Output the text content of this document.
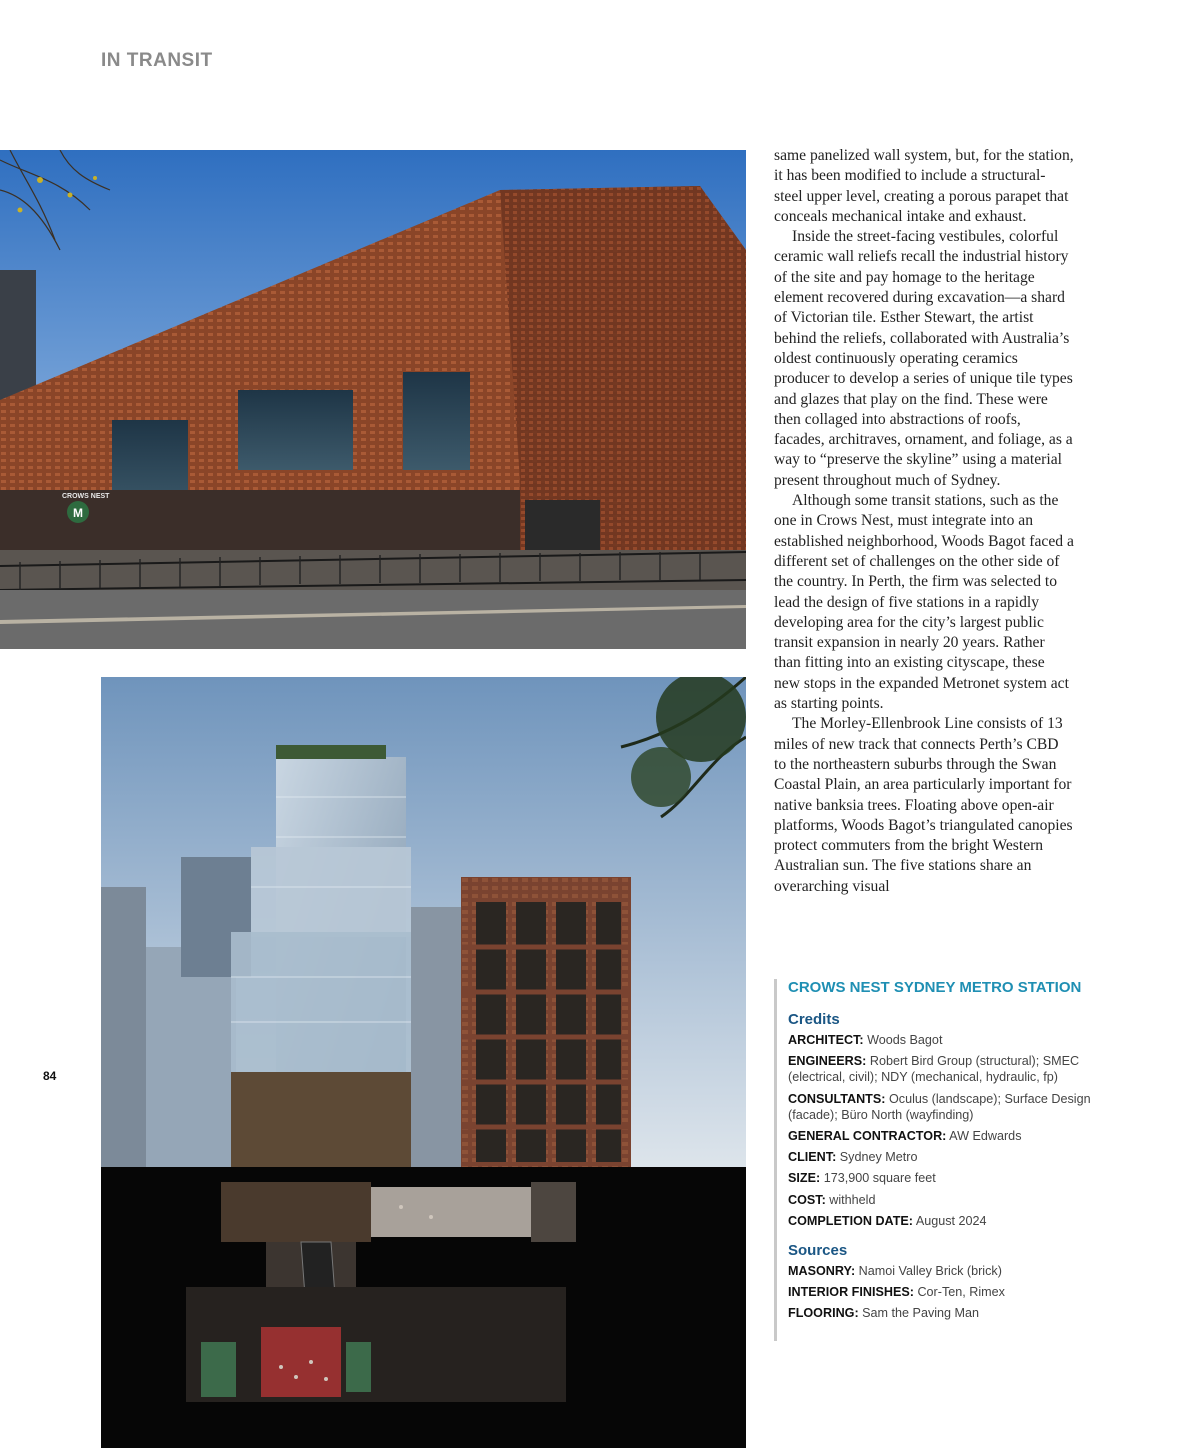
IN TRANSIT
M
CROWS NEST

same panelized wall system, but, for the station, it has been modified to include a structural-steel upper level, creating a porous parapet that conceals mechanical intake and exhaust.

Inside the street-facing vestibules, colorful ceramic wall reliefs recall the industrial history of the site and pay homage to the heritage element recovered during excavation—a shard of Victorian tile. Esther Stewart, the artist behind the reliefs, collaborated with Australia’s oldest continuously operating ceramics producer to develop a series of unique tile types and glazes that play on the find. These were then collaged into abstractions of roofs, facades, architraves, ornament, and foliage, as a way to “preserve the skyline” using a material present throughout much of Sydney.

Although some transit stations, such as the one in Crows Nest, must integrate into an established neighborhood, Woods Bagot faced a different set of challenges on the other side of the country. In Perth, the firm was selected to lead the design of five stations in a rapidly developing area for the city’s largest public transit expansion in nearly 20 years. Rather than fitting into an existing cityscape, these new stops in the expanded Metronet system act as starting points.

The Morley-Ellenbrook Line consists of 13 miles of new track that connects Perth’s CBD to the northeastern suburbs through the Swan Coastal Plain, an area particularly important for native banksia trees. Floating above open-air platforms, Woods Bagot’s triangulated canopies protect commuters from the bright Western Australian sun. The five stations share an overarching visual

CROWS NEST SYDNEY METRO STATION
Credits
ARCHITECT: Woods Bagot
ENGINEERS: Robert Bird Group (structural); SMEC (electrical, civil); NDY (mechanical, hydraulic, fp)
CONSULTANTS: Oculus (landscape); Surface Design (facade); Büro North (wayfinding)
GENERAL CONTRACTOR: AW Edwards
CLIENT: Sydney Metro
SIZE: 173,900 square feet
COST: withheld
COMPLETION DATE: August 2024
Sources
MASONRY: Namoi Valley Brick (brick)
INTERIOR FINISHES: Cor-Ten, Rimex
FLOORING: Sam the Paving Man
84
